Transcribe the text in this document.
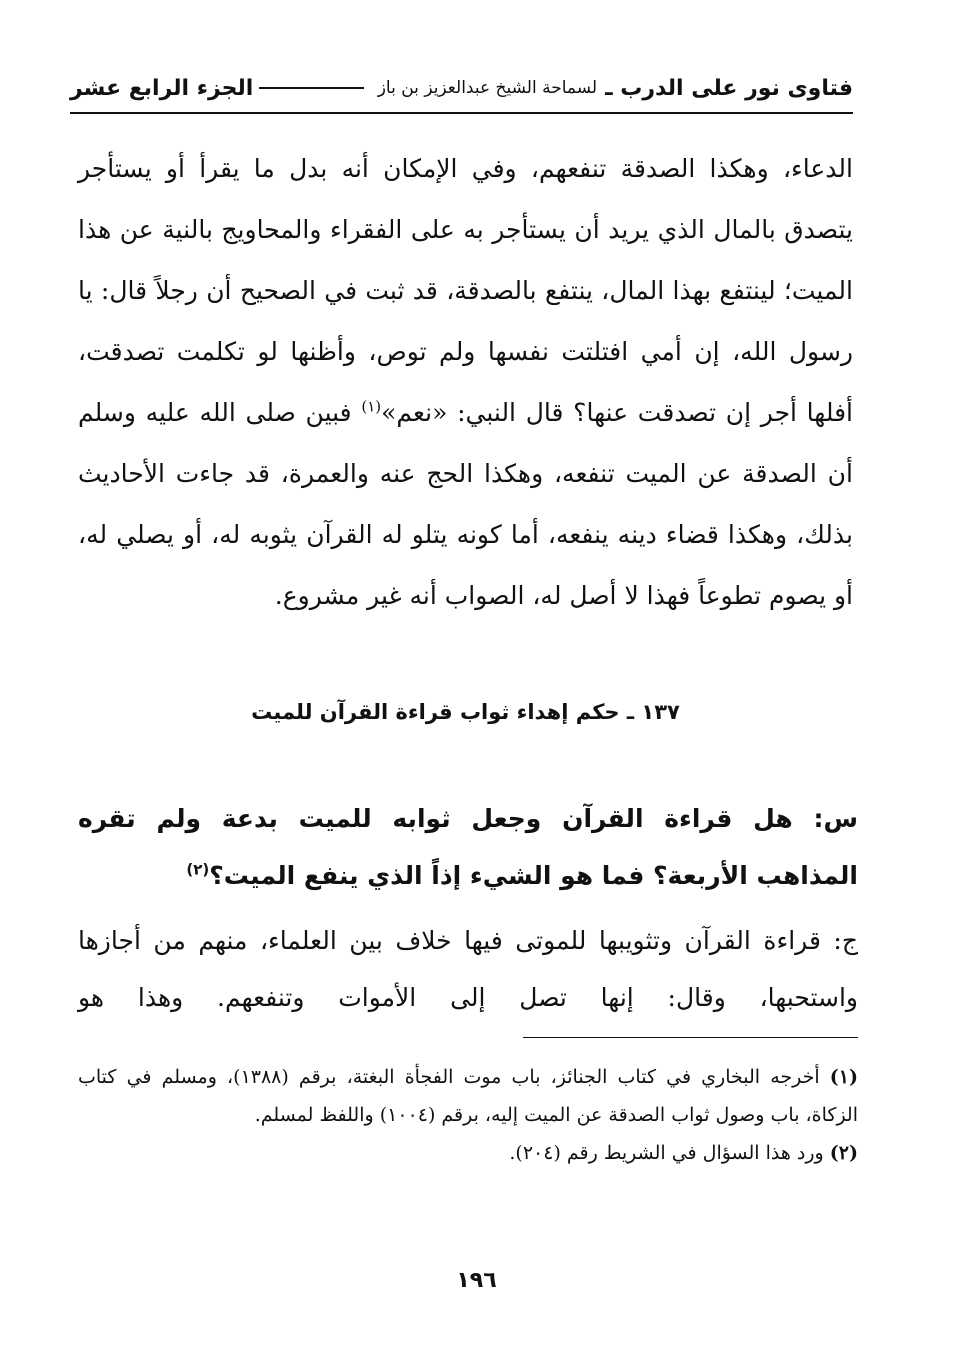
فتاوى نور على الدرب ـ
لسماحة الشيخ عبدالعزيز بن باز
الجزء الرابع عشر

الدعاء، وهكذا الصدقة تنفعهم، وفي الإمكان أنه بدل ما يقرأ أو يستأجر يتصدق بالمال الذي يريد أن يستأجر به على الفقراء والمحاويج بالنية عن هذا الميت؛ لينتفع بهذا المال، ينتفع بالصدقة، قد ثبت في الصحيح أن رجلاً قال: يا رسول الله، إن أمي افتلتت نفسها ولم توص، وأظنها لو تكلمت تصدقت، أفلها أجر إن تصدقت عنها؟ قال النبي: «نعم»$^{(١)}$ فبين صلى الله عليه وسلم أن الصدقة عن الميت تنفعه، وهكذا الحج عنه والعمرة، قد جاءت الأحاديث بذلك، وهكذا قضاء دينه ينفعه، أما كونه يتلو له القرآن يثوبه له، أو يصلي له، أو يصوم تطوعاً فهذا لا أصل له، الصواب أنه غير مشروع.

١٣٧ ـ حكم إهداء ثواب قراءة القرآن للميت

س: هل قراءة القرآن وجعل ثوابه للميت بدعة ولم تقره المذاهب الأربعة؟ فما هو الشيء إذاً الذي ينفع الميت؟$^{(٢)}$

ج: قراءة القرآن وتثويبها للموتى فيها خلاف بين العلماء، منهم من أجازها واستحبها، وقال: إنها تصل إلى الأموات وتنفعهم. وهذا هو

(١) أخرجه البخاري في كتاب الجنائز، باب موت الفجأة البغتة، برقم (١٣٨٨)، ومسلم في كتاب الزكاة، باب وصول ثواب الصدقة عن الميت إليه، برقم (١٠٠٤) واللفظ لمسلم.

(٢) ورد هذا السؤال في الشريط رقم (٢٠٤).

١٩٦
